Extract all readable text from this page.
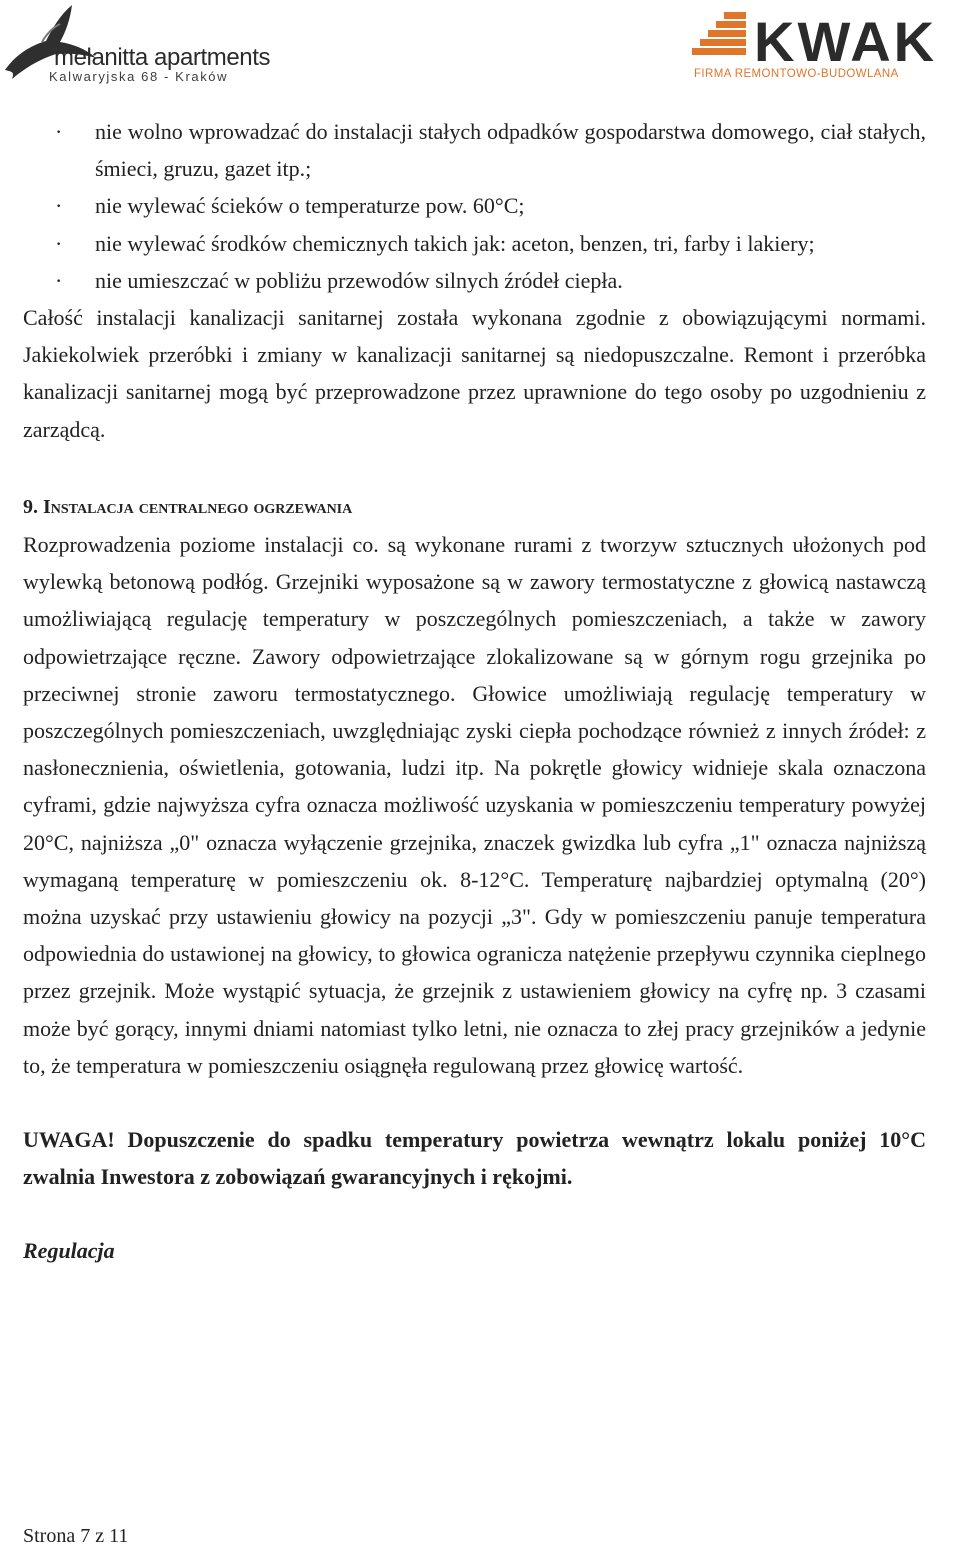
melanitta apartments
Kalwaryjska 68 - Kraków
KWAK
FIRMA REMONTOWO-BUDOWLANA
· nie wolno wprowadzać do instalacji stałych odpadków gospodarstwa domowego, ciał stałych, śmieci, gruzu, gazet itp.;
· nie wylewać ścieków o temperaturze pow. 60°C;
· nie wylewać środków chemicznych takich jak: aceton, benzen, tri, farby i lakiery;
· nie umieszczać w pobliżu przewodów silnych źródeł ciepła.

Całość instalacji kanalizacji sanitarnej została wykonana zgodnie z obowiązującymi normami. Jakiekolwiek przeróbki i zmiany w kanalizacji sanitarnej są niedopuszczalne. Remont i przeróbka kanalizacji sanitarnej mogą być przeprowadzone przez uprawnione do tego osoby po uzgodnieniu z zarządcą.

9. Instalacja centralnego ogrzewania

Rozprowadzenia poziome instalacji co. są wykonane rurami z tworzyw sztucznych ułożonych pod wylewką betonową podłóg. Grzejniki wyposażone są w zawory termostatyczne z głowicą nastawczą umożliwiającą regulację temperatury w poszczególnych pomieszczeniach, a także w zawory odpowietrzające ręczne. Zawory odpowietrzające zlokalizowane są w górnym rogu grzejnika po przeciwnej stronie zaworu termostatycznego. Głowice umożliwiają regulację temperatury w poszczególnych pomieszczeniach, uwzględniając zyski ciepła pochodzące również z innych źródeł: z nasłonecznienia, oświetlenia, gotowania, ludzi itp. Na pokrętle głowicy widnieje skala oznaczona cyframi, gdzie najwyższa cyfra oznacza możliwość uzyskania w pomieszczeniu temperatury powyżej 20°C, najniższa „0" oznacza wyłączenie grzejnika, znaczek gwizdka lub cyfra „1" oznacza najniższą wymaganą temperaturę w pomieszczeniu ok. 8-12°C. Temperaturę najbardziej optymalną (20°) można uzyskać przy ustawieniu głowicy na pozycji „3". Gdy w pomieszczeniu panuje temperatura odpowiednia do ustawionej na głowicy, to głowica ogranicza natężenie przepływu czynnika cieplnego przez grzejnik. Może wystąpić sytuacja, że grzejnik z ustawieniem głowicy na cyfrę np. 3 czasami może być gorący, innymi dniami natomiast tylko letni, nie oznacza to złej pracy grzejników a jedynie to, że temperatura w pomieszczeniu osiągnęła regulowaną przez głowicę wartość.

UWAGA! Dopuszczenie do spadku temperatury powietrza wewnątrz lokalu poniżej 10°C zwalnia Inwestora z zobowiązań gwarancyjnych i rękojmi.

Regulacja

Strona 7 z 11
